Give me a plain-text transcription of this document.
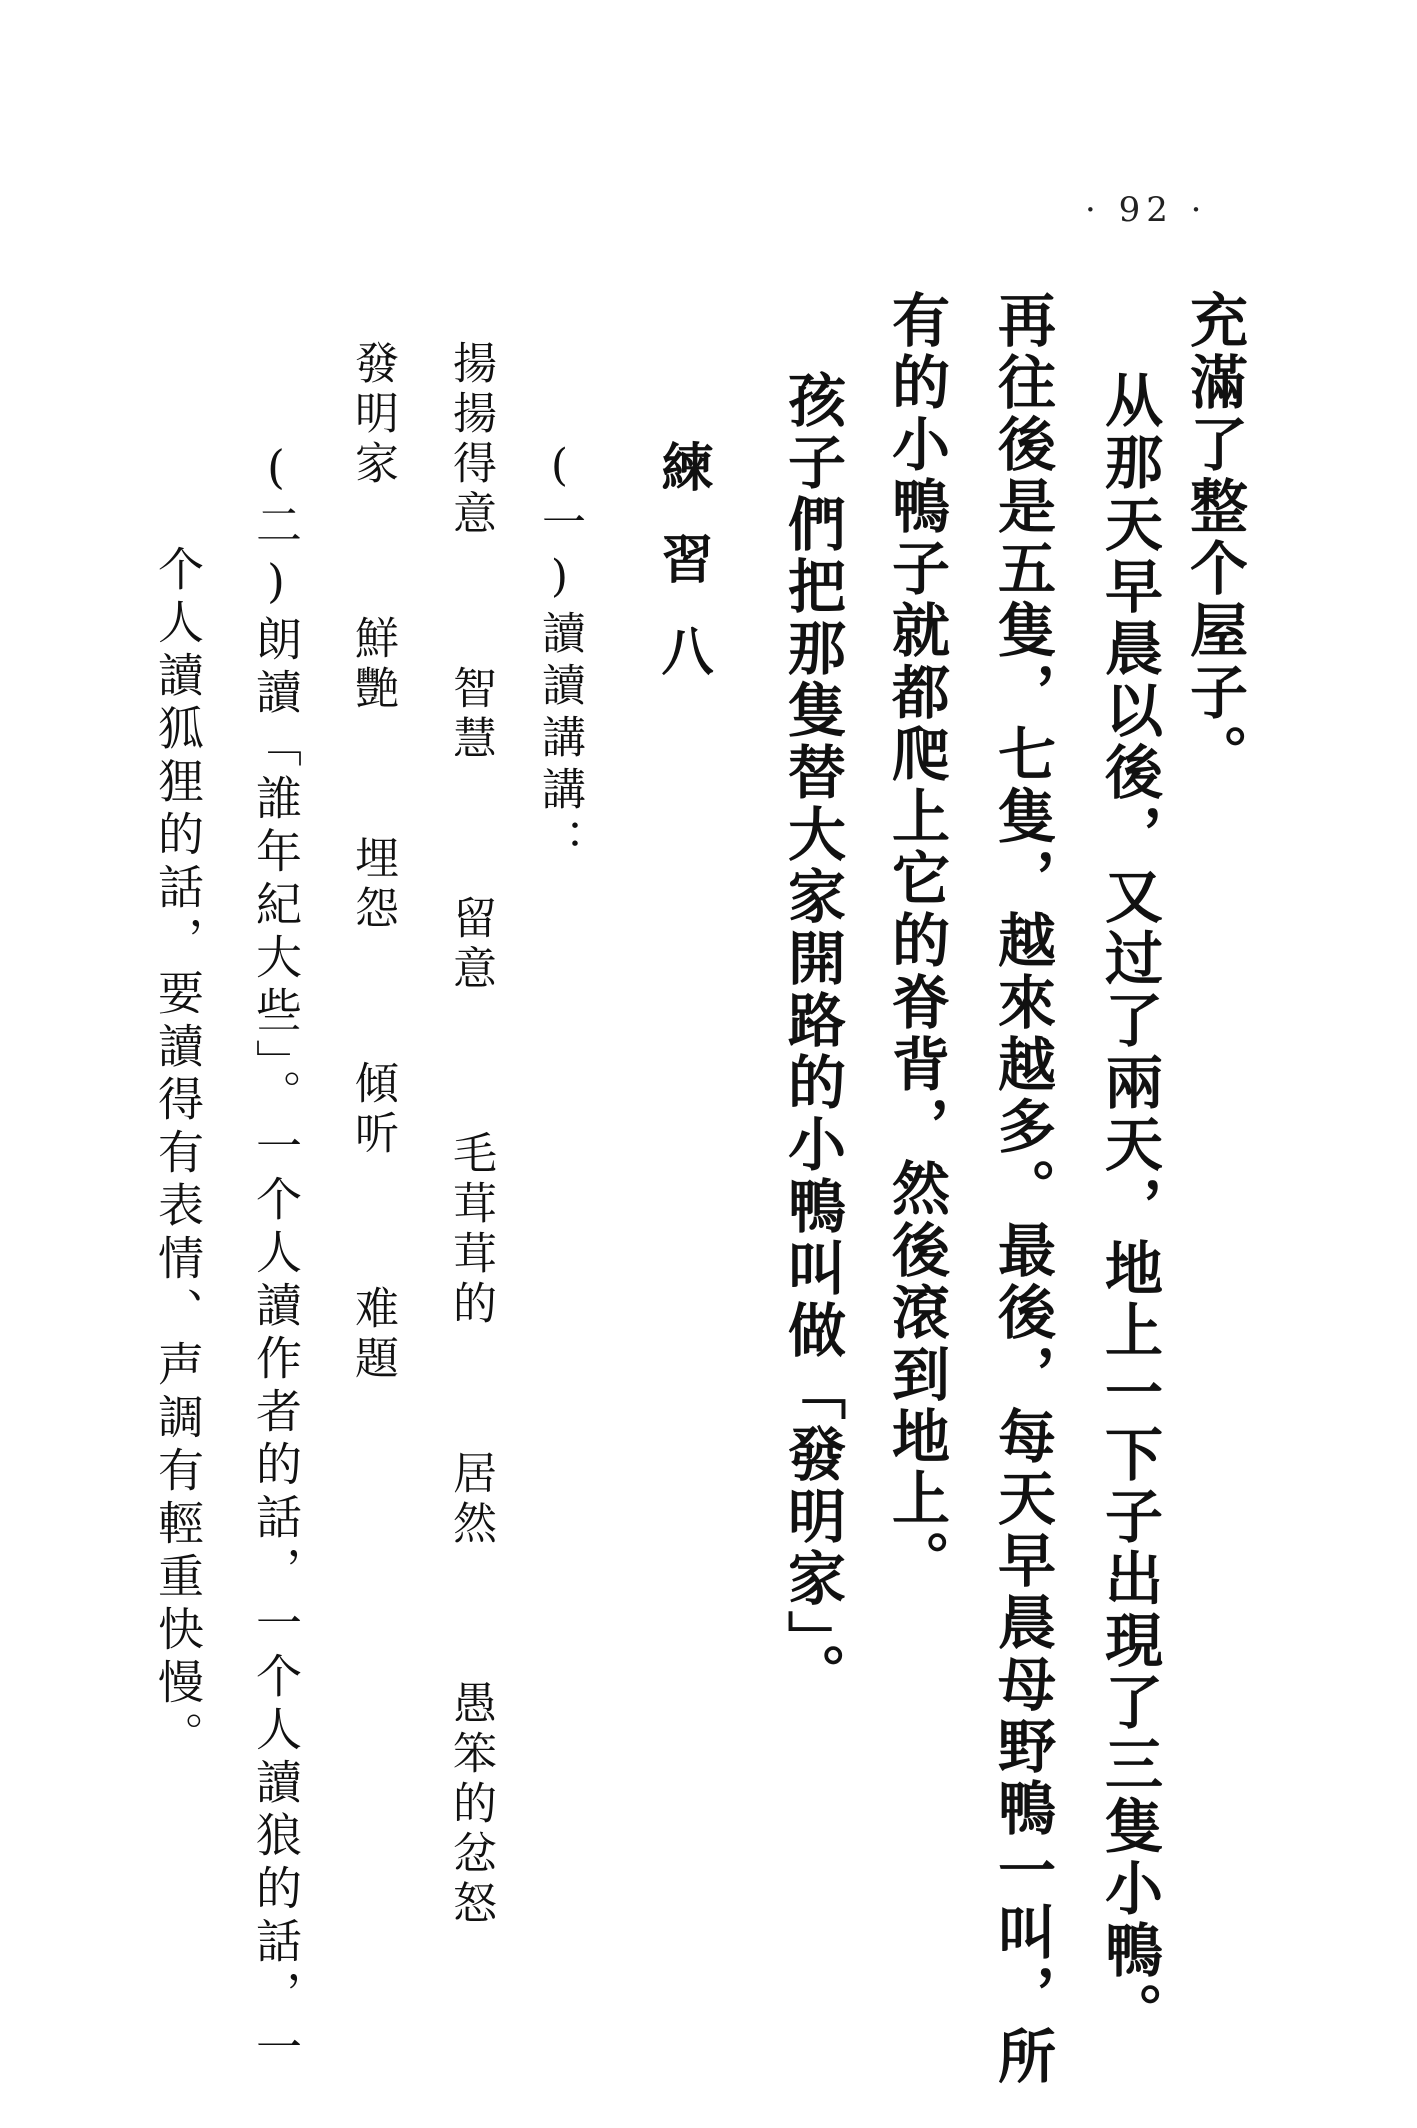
· 92 ·
充滿了整个屋子。
从那天早晨以後，又过了兩天，地上一下子出現了三隻小鴨。
再往後是五隻，七隻，越來越多。最後，每天早晨母野鴨一叫，所
有的小鴨子就都爬上它的脊背，然後滾到地上。
孩子們把那隻替大家開路的小鴨叫做「發明家」。
練習八
(一)讀讀講講：
揚揚得意
智慧
留意
毛茸茸的
居然
愚笨的忿怒
發明家
鮮艷
埋怨
傾听
难題
(二)朗讀「誰年紀大些」。一个人讀作者的話，一个人讀狼的話，一
个人讀狐狸的話，要讀得有表情、声調有輕重快慢。
